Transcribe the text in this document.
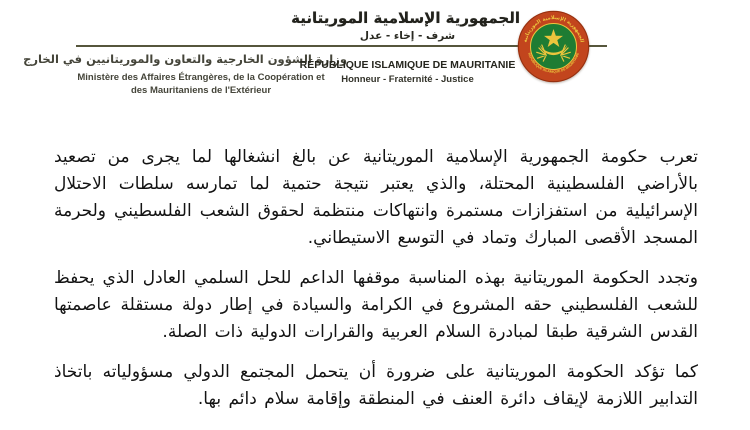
وزارة الشؤون الخارجية والتعاون والموريتانيين في الخارج
Ministère des Affaires Étrangères, de la Coopération et
des Mauritaniens de l'Extérieur
الجمهورية الإسلامية الموريتانية
شرف - إخاء - عدل
RÉPUBLIQUE ISLAMIQUE DE MAURITANIE
Honneur - Fraternité - Justice
الجمهورية الإسلامية الموريتانية
REPUBLIQUE ISLAMIQUE DE MAURITANIE

تعرب حكومة الجمهورية الإسلامية الموريتانية عن بالغ انشغالها لما يجرى من تصعيد بالأراضي الفلسطينية المحتلة، والذي يعتبر نتيجة حتمية لما تمارسه سلطات الاحتلال الإسرائيلية من استفزازات مستمرة وانتهاكات منتظمة لحقوق الشعب الفلسطيني ولحرمة المسجد الأقصى المبارك وتماد في التوسع الاستيطاني.

وتجدد الحكومة الموريتانية بهذه المناسبة موقفها الداعم للحل السلمي العادل الذي يحفظ للشعب الفلسطيني حقه المشروع في الكرامة والسيادة في إطار دولة مستقلة عاصمتها القدس الشرقية طبقا لمبادرة السلام العربية والقرارات الدولية ذات الصلة.

كما تؤكد الحكومة الموريتانية على ضرورة أن يتحمل المجتمع الدولي مسؤولياته باتخاذ التدابير اللازمة لإيقاف دائرة العنف في المنطقة وإقامة سلام دائم بها.
